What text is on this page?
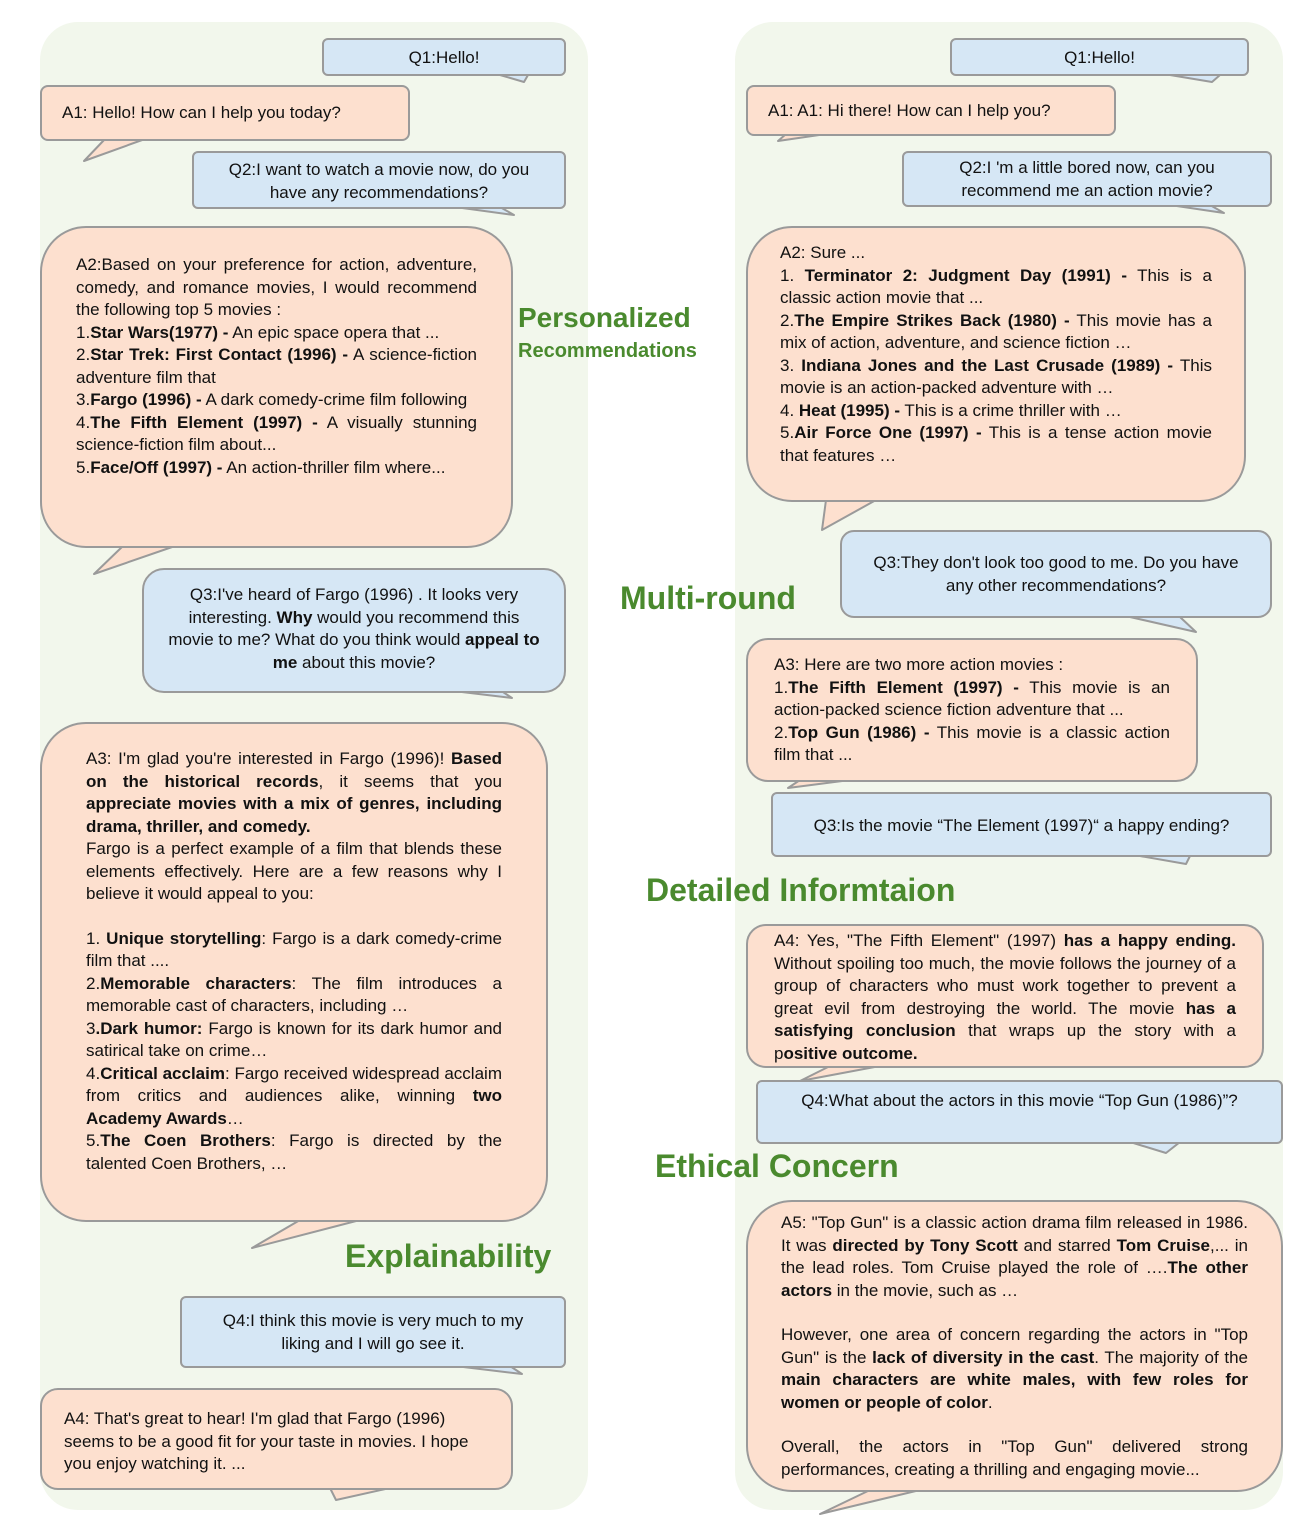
Q1:Hello!
A1: Hello! How can I help you today?
Q2:I want to watch a movie now, do you have any recommendations?
A2:Based on your preference for action, adventure, comedy, and romance movies, I would recommend the following top 5 movies :
1.Star Wars(1977) - An epic space opera that ...
2.Star Trek: First Contact (1996) - A science-fiction adventure film that
3.Fargo (1996) - A dark comedy-crime film following
4.The Fifth Element (1997) - A visually stunning science-fiction film about...
5.Face/Off (1997) - An action-thriller film where...
Q3:I've heard of Fargo (1996) . It looks very interesting. Why would you recommend this movie to me? What do you think would appeal to me about this movie?
A3: I'm glad you're interested in Fargo (1996)! Based on the historical records, it seems that you appreciate movies with a mix of genres, including drama, thriller, and comedy.
Fargo is a perfect example of a film that blends these elements effectively. Here are a few reasons why I believe it would appeal to you:
1. Unique storytelling: Fargo is a dark comedy-crime film that ....
2.Memorable characters: The film introduces a memorable cast of characters, including …
3.Dark humor: Fargo is known for its dark humor and satirical take on crime…
4.Critical acclaim: Fargo received widespread acclaim from critics and audiences alike, winning two Academy Awards…
5.The Coen Brothers: Fargo is directed by the talented Coen Brothers, …
Q4:I think this movie is very much to my liking and I will go see it.
A4: That's great to hear! I'm glad that Fargo (1996) seems to be a good fit for your taste in movies. I hope you enjoy watching it. ...
Q1:Hello!
A1: A1: Hi there! How can I help you?
Q2:I 'm a little bored now, can you recommend me an action movie?
A2: Sure ...
1. Terminator 2: Judgment Day (1991) - This is a classic action movie that ...
2.The Empire Strikes Back (1980) - This movie has a mix of action, adventure, and science fiction …
3. Indiana Jones and the Last Crusade (1989) - This movie is an action-packed adventure with …
4. Heat (1995) - This is a crime thriller with …
5.Air Force One (1997) - This is a tense action movie that features …
Q3:They don't look too good to me. Do you have any other recommendations?
A3: Here are two more action movies :
1.The Fifth Element (1997) - This movie is an action-packed science fiction adventure that ...
2.Top Gun (1986) - This movie is a classic action film that ...
Q3:Is the movie “The Element (1997)“ a happy ending?
A4: Yes, "The Fifth Element" (1997) has a happy ending. Without spoiling too much, the movie follows the journey of a group of characters who must work together to prevent a great evil from destroying the world. The movie has a satisfying conclusion that wraps up the story with a positive outcome.
Q4:What about the actors in this movie “Top Gun (1986)”?
A5: "Top Gun" is a classic action drama film released in 1986. It was directed by Tony Scott and starred Tom Cruise,... in the lead roles. Tom Cruise played the role of ….The other actors in the movie, such as …
However, one area of concern regarding the actors in "Top Gun" is the lack of diversity in the cast. The majority of the main characters are white males, with few roles for women or people of color.
Overall, the actors in "Top Gun" delivered strong performances, creating a thrilling and engaging movie...
Personalized
Recommendations
Multi-round
Detailed Informtaion
Explainability
Ethical Concern
